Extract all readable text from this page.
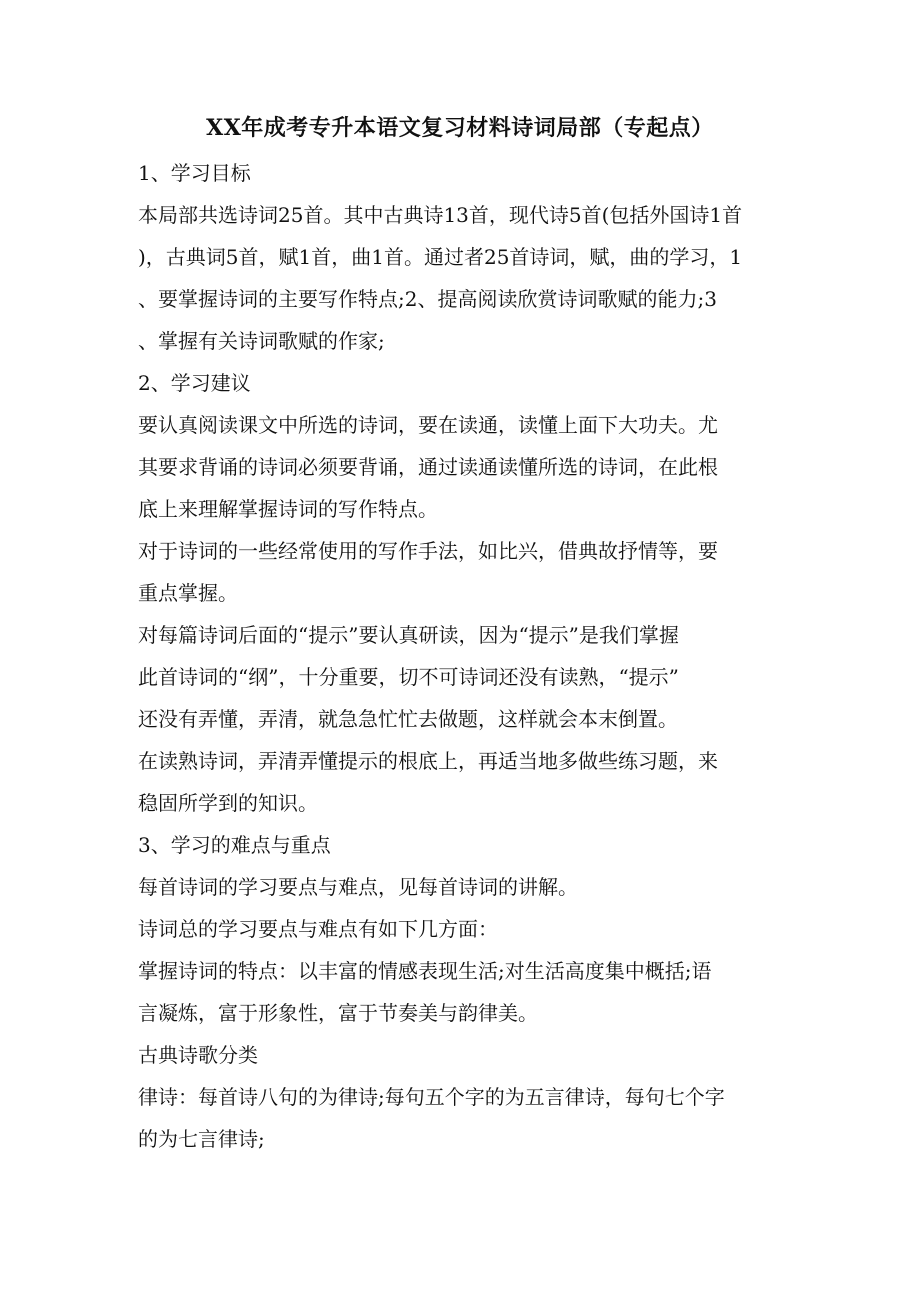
XX年成考专升本语文复习材料诗词局部（专起点）

1、学习目标

本局部共选诗词25首。其中古典诗13首，现代诗5首(包括外国诗1首

)，古典词5首，赋1首，曲1首。通过者25首诗词，赋，曲的学习，1

、要掌握诗词的主要写作特点;2、提高阅读欣赏诗词歌赋的能力;3

、掌握有关诗词歌赋的作家;

2、学习建议

要认真阅读课文中所选的诗词，要在读通，读懂上面下大功夫。尤

其要求背诵的诗词必须要背诵，通过读通读懂所选的诗词，在此根

底上来理解掌握诗词的写作特点。

对于诗词的一些经常使用的写作手法，如比兴，借典故抒情等，要

重点掌握。

对每篇诗词后面的“提示”要认真研读，因为“提示”是我们掌握

此首诗词的“纲”，十分重要，切不可诗词还没有读熟，“提示”

还没有弄懂，弄清，就急急忙忙去做题，这样就会本末倒置。

在读熟诗词，弄清弄懂提示的根底上，再适当地多做些练习题，来

稳固所学到的知识。

3、学习的难点与重点

每首诗词的学习要点与难点，见每首诗词的讲解。

诗词总的学习要点与难点有如下几方面：

掌握诗词的特点：以丰富的情感表现生活;对生活高度集中概括;语

言凝炼，富于形象性，富于节奏美与韵律美。

古典诗歌分类

律诗：每首诗八句的为律诗;每句五个字的为五言律诗，每句七个字

的为七言律诗;
